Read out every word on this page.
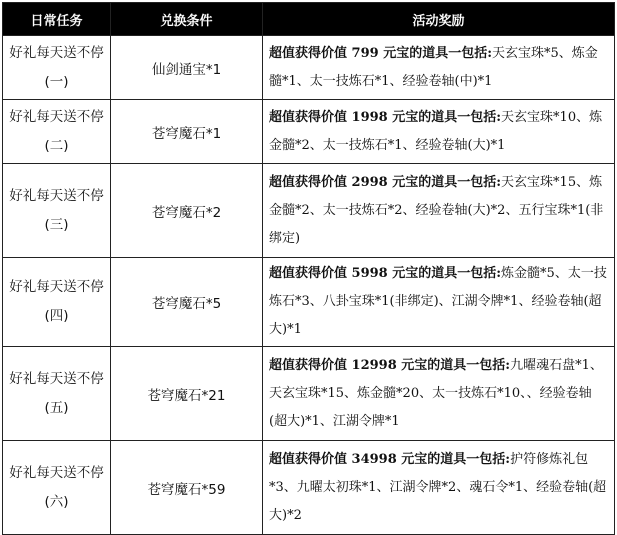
日常任务	兑换条件	活动奖励

好礼每天送不停
(一)	仙剑通宝*1	超值获得价值 799 元宝的道具一包括:天玄宝珠*5、炼金髓*1、太一技炼石*1、经验卷轴(中)*1

好礼每天送不停
(二)	苍穹魔石*1	超值获得价值 1998 元宝的道具一包括:天玄宝珠*10、炼金髓*2、太一技炼石*1、经验卷轴(大)*1

好礼每天送不停
(三)	苍穹魔石*2	超值获得价值 2998 元宝的道具一包括:天玄宝珠*15、炼金髓*2、太一技炼石*2、经验卷轴(大)*2、五行宝珠*1(非绑定)

好礼每天送不停
(四)	苍穹魔石*5	超值获得价值 5998 元宝的道具一包括:炼金髓*5、太一技炼石*3、八卦宝珠*1(非绑定)、江湖令牌*1、经验卷轴(超大)*1

好礼每天送不停
(五)	苍穹魔石*21	超值获得价值 12998 元宝的道具一包括:九曜魂石盘*1、天玄宝珠*15、炼金髓*20、太一技炼石*10、、经验卷轴(超大)*1、江湖令牌*1

好礼每天送不停
(六)	苍穹魔石*59	超值获得价值 34998 元宝的道具一包括:护符修炼礼包*3、九曜太初珠*1、江湖令牌*2、魂石令*1、经验卷轴(超大)*2
